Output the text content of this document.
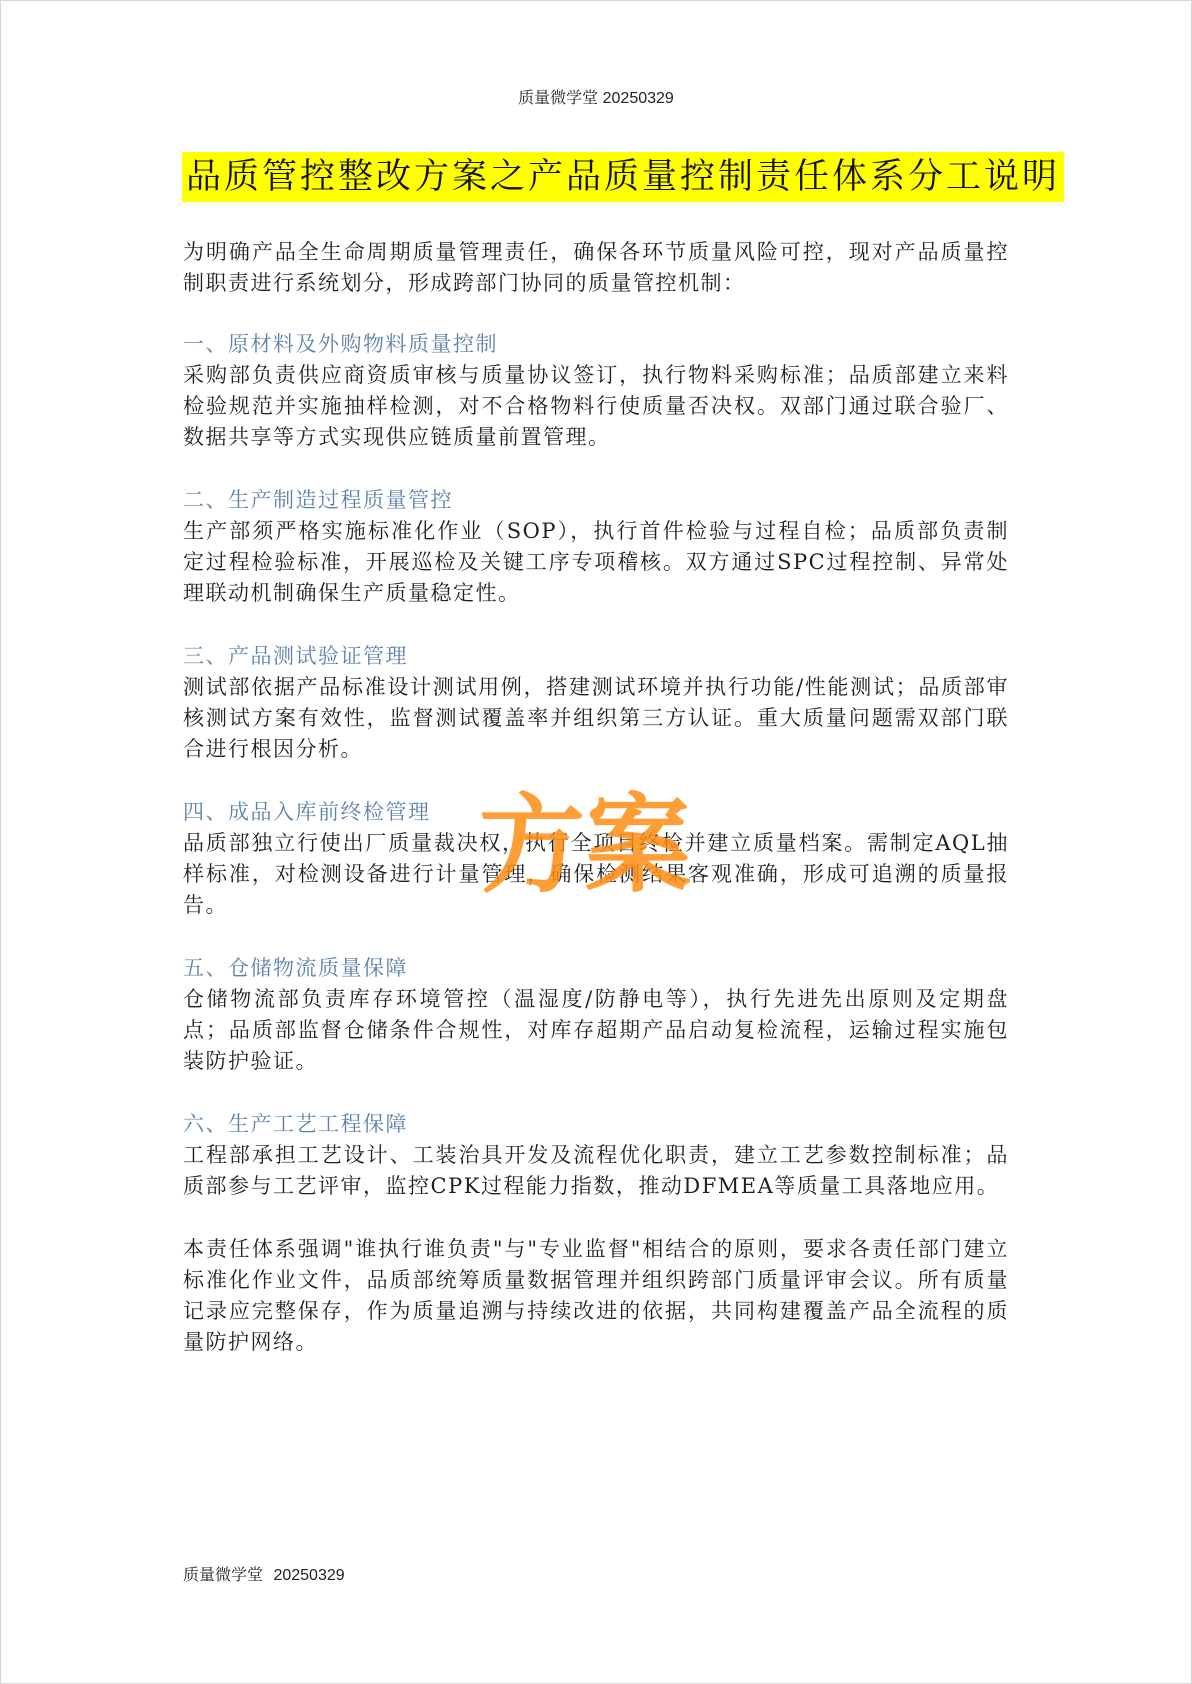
质量微学堂 20250329
品质管控整改方案之产品质量控制责任体系分工说明

为明确产品全生命周期质量管理责任，确保各环节质量风险可控，现对产品质量控制职责进行系统划分，形成跨部门协同的质量管控机制：

一、原材料及外购物料质量控制

采购部负责供应商资质审核与质量协议签订，执行物料采购标准；品质部建立来料检验规范并实施抽样检测，对不合格物料行使质量否决权。双部门通过联合验厂、数据共享等方式实现供应链质量前置管理。

二、生产制造过程质量管控

生产部须严格实施标准化作业（SOP），执行首件检验与过程自检；品质部负责制定过程检验标准，开展巡检及关键工序专项稽核。双方通过SPC过程控制、异常处理联动机制确保生产质量稳定性。

三、产品测试验证管理

测试部依据产品标准设计测试用例，搭建测试环境并执行功能/性能测试；品质部审核测试方案有效性，监督测试覆盖率并组织第三方认证。重大质量问题需双部门联合进行根因分析。

四、成品入库前终检管理

品质部独立行使出厂质量裁决权，执行全项目终检并建立质量档案。需制定AQL抽样标准，对检测设备进行计量管理，确保检测结果客观准确，形成可追溯的质量报告。

五、仓储物流质量保障

仓储物流部负责库存环境管控（温湿度/防静电等），执行先进先出原则及定期盘点；品质部监督仓储条件合规性，对库存超期产品启动复检流程，运输过程实施包装防护验证。

六、生产工艺工程保障

工程部承担工艺设计、工装治具开发及流程优化职责，建立工艺参数控制标准；品质部参与工艺评审，监控CPK过程能力指数，推动DFMEA等质量工具落地应用。

本责任体系强调"谁执行谁负责"与"专业监督"相结合的原则，要求各责任部门建立标准化作业文件，品质部统筹质量数据管理并组织跨部门质量评审会议。所有质量记录应完整保存，作为质量追溯与持续改进的依据，共同构建覆盖产品全流程的质量防护网络。

方案
质量微学堂 20250329
